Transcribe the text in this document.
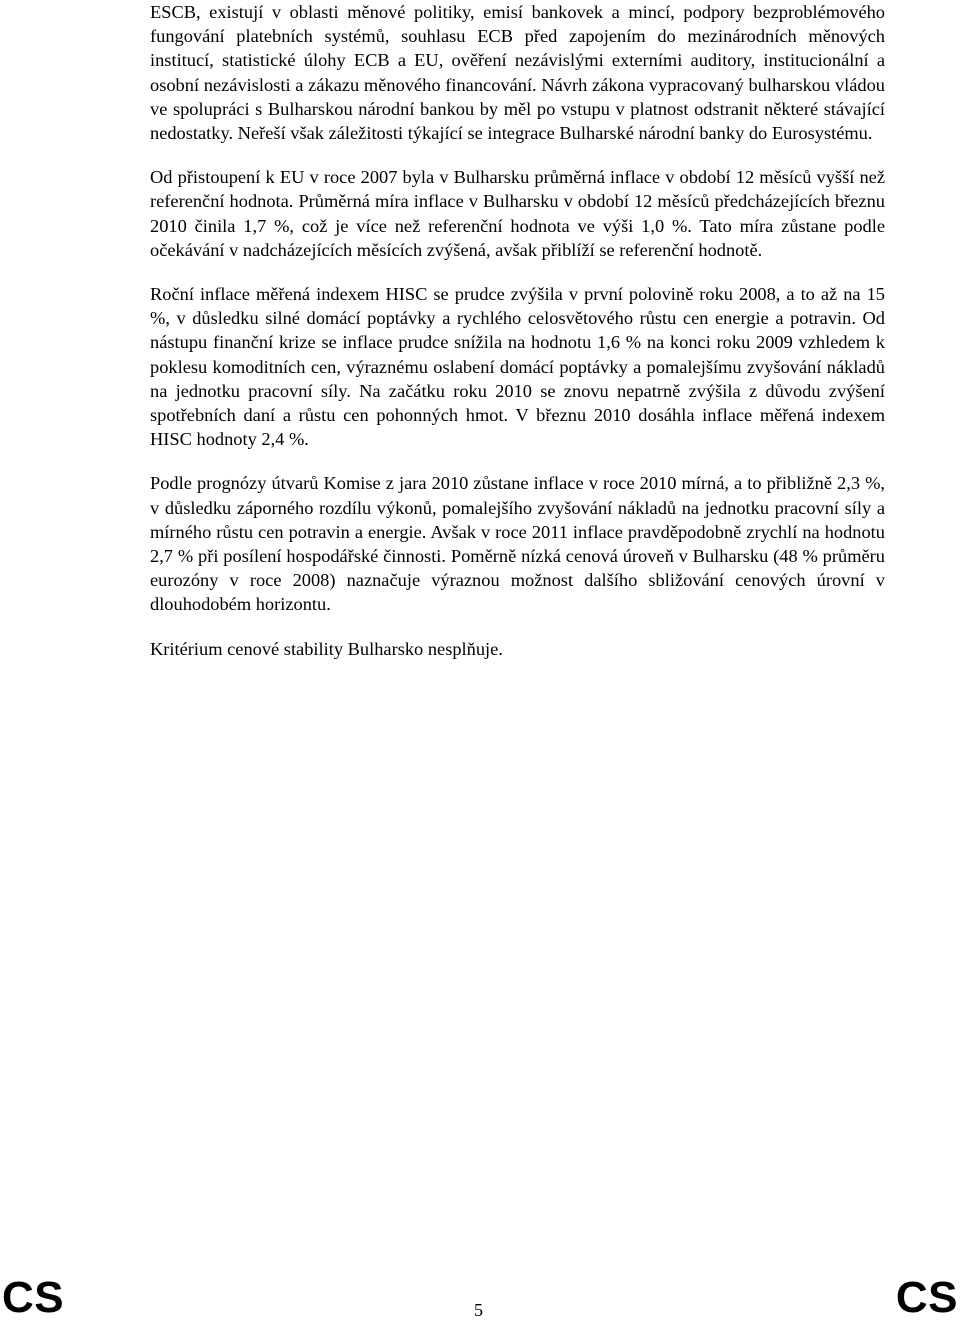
ESCB, existují v oblasti měnové politiky, emisí bankovek a mincí, podpory bezproblémového fungování platebních systémů, souhlasu ECB před zapojením do mezinárodních měnových institucí, statistické úlohy ECB a EU, ověření nezávislými externími auditory, institucionální a osobní nezávislosti a zákazu měnového financování. Návrh zákona vypracovaný bulharskou vládou ve spolupráci s Bulharskou národní bankou by měl po vstupu v platnost odstranit některé stávající nedostatky. Neřeší však záležitosti týkající se integrace Bulharské národní banky do Eurosystému.

Od přistoupení k EU v roce 2007 byla v Bulharsku průměrná inflace v období 12 měsíců vyšší než referenční hodnota. Průměrná míra inflace v Bulharsku v období 12 měsíců předcházejících březnu 2010 činila 1,7 %, což je více než referenční hodnota ve výši 1,0 %. Tato míra zůstane podle očekávání v nadcházejících měsících zvýšená, avšak přiblíží se referenční hodnotě.

Roční inflace měřená indexem HISC se prudce zvýšila v první polovině roku 2008, a to až na 15 %, v důsledku silné domácí poptávky a rychlého celosvětového růstu cen energie a potravin. Od nástupu finanční krize se inflace prudce snížila na hodnotu 1,6 % na konci roku 2009 vzhledem k poklesu komoditních cen, výraznému oslabení domácí poptávky a pomalejšímu zvyšování nákladů na jednotku pracovní síly. Na začátku roku 2010 se znovu nepatrně zvýšila z důvodu zvýšení spotřebních daní a růstu cen pohonných hmot. V březnu 2010 dosáhla inflace měřená indexem HISC hodnoty 2,4 %.

Podle prognózy útvarů Komise z jara 2010 zůstane inflace v roce 2010 mírná, a to přibližně 2,3 %, v důsledku záporného rozdílu výkonů, pomalejšího zvyšování nákladů na jednotku pracovní síly a mírného růstu cen potravin a energie. Avšak v roce 2011 inflace pravděpodobně zrychlí na hodnotu 2,7 % při posílení hospodářské činnosti. Poměrně nízká cenová úroveň v Bulharsku (48 % průměru eurozóny v roce 2008) naznačuje výraznou možnost dalšího sbližování cenových úrovní v dlouhodobém horizontu.

Kritérium cenové stability Bulharsko nesplňuje.

CS	5	CS
